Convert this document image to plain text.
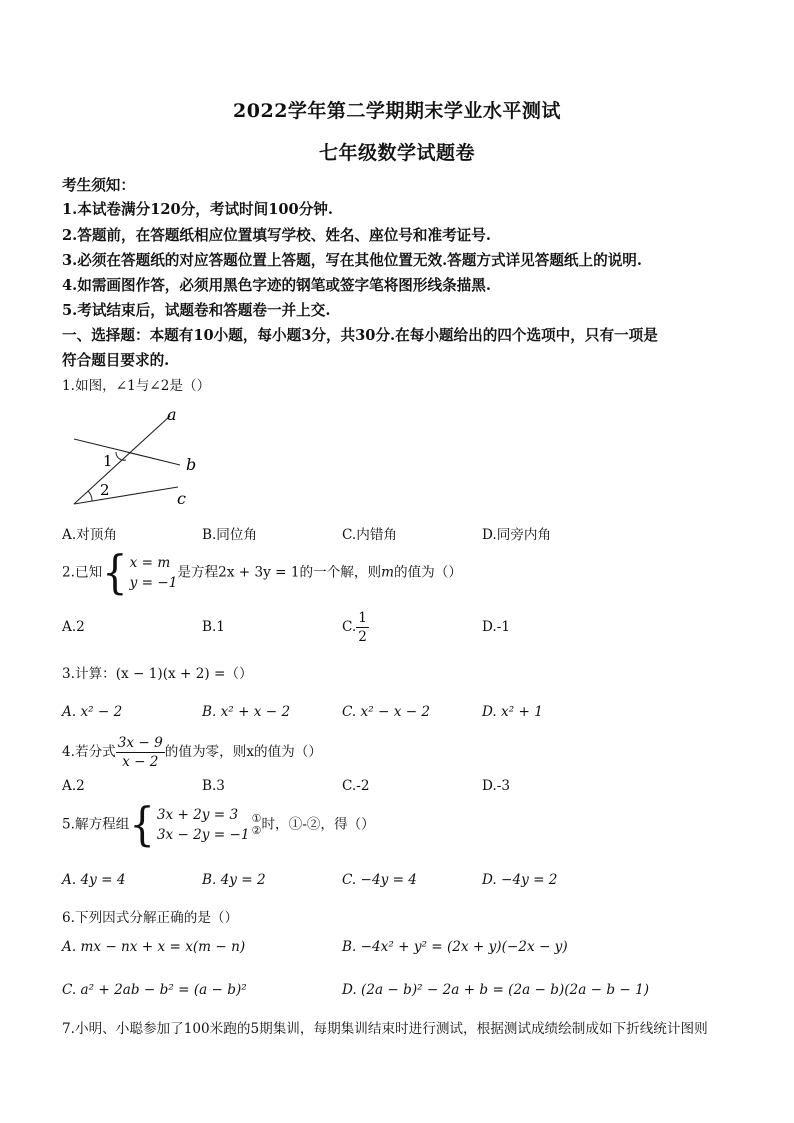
2022学年第二学期期末学业水平测试
七年级数学试题卷
考生须知：
1.本试卷满分120分，考试时间100分钟.
2.答题前，在答题纸相应位置填写学校、姓名、座位号和准考证号.
3.必须在答题纸的对应答题位置上答题，写在其他位置无效.答题方式详见答题纸上的说明.
4.如需画图作答，必须用黑色字迹的钢笔或签字笔将图形线条描黑.
5.考试结束后，试题卷和答题卷一并上交.
一、选择题：本题有10小题，每小题3分，共30分.在每小题给出的四个选项中，只有一项是
符合题目要求的.
1.如图，∠1与∠2是（）
a
b
c
1
2
A.对顶角	B.同位角	C.内错角	D.同旁内角
2.已知{ x = m
y = −1
是方程2x + 3y = 1的一个解，则m的值为（）
A.2	B.1	C. $\frac{1}{2}$	D.-1
3.计算：(x − 1)(x + 2) =（）
A. x² − 2	B. x² + x − 2	C. x² − x − 2	D. x² + 1
4.若分式 $\frac{3x - 9}{x - 2}$ 的值为零，则x的值为（）
A.2	B.3	C.-2	D.-3
5.解方程组{ 3x + 2y = 3
3x − 2y = −1
①
② 时，①-②，得（）
A. 4y = 4	B. 4y = 2	C. −4y = 4	D. −4y = 2
6.下列因式分解正确的是（）
A. mx − nx + x = x(m − n)	B. −4x² + y² = (2x + y)(−2x − y)
C. a² + 2ab − b² = (a − b)²	D. (2a − b)² − 2a + b = (2a − b)(2a − b − 1)
7.小明、小聪参加了100米跑的5期集训，每期集训结束时进行测试，根据测试成绩绘制成如下折线统计图则
